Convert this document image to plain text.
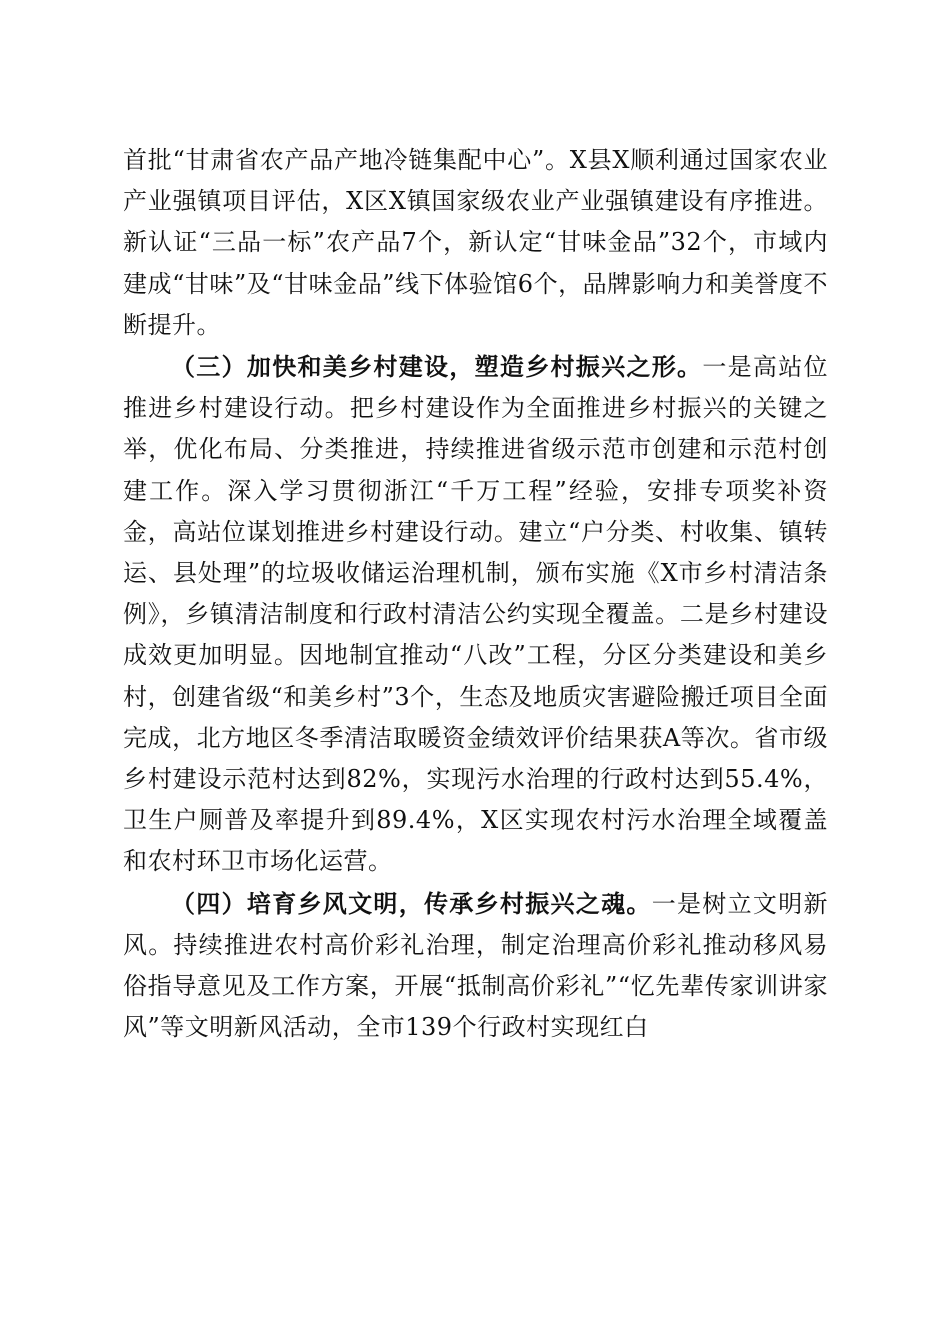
首批“甘肃省农产品产地冷链集配中心”。X县X顺利通过国家农业产业强镇项目评估，X区X镇国家级农业产业强镇建设有序推进。新认证“三品一标”农产品7个，新认定“甘味金品”32个，市域内建成“甘味”及“甘味金品”线下体验馆6个，品牌影响力和美誉度不断提升。

（三）加快和美乡村建设，塑造乡村振兴之形。一是高站位推进乡村建设行动。把乡村建设作为全面推进乡村振兴的关键之举，优化布局、分类推进，持续推进省级示范市创建和示范村创建工作。深入学习贯彻浙江“千万工程”经验，安排专项奖补资金，高站位谋划推进乡村建设行动。建立“户分类、村收集、镇转运、县处理”的垃圾收储运治理机制，颁布实施《X市乡村清洁条例》，乡镇清洁制度和行政村清洁公约实现全覆盖。二是乡村建设成效更加明显。因地制宜推动“八改”工程，分区分类建设和美乡村，创建省级“和美乡村”3个，生态及地质灾害避险搬迁项目全面完成，北方地区冬季清洁取暖资金绩效评价结果获A等次。省市级乡村建设示范村达到82%，实现污水治理的行政村达到55.4%，卫生户厕普及率提升到89.4%，X区实现农村污水治理全域覆盖和农村环卫市场化运营。

（四）培育乡风文明，传承乡村振兴之魂。一是树立文明新风。持续推进农村高价彩礼治理，制定治理高价彩礼推动移风易俗指导意见及工作方案，开展“抵制高价彩礼”“忆先辈传家训讲家风”等文明新风活动，全市139个行政村实现红白
